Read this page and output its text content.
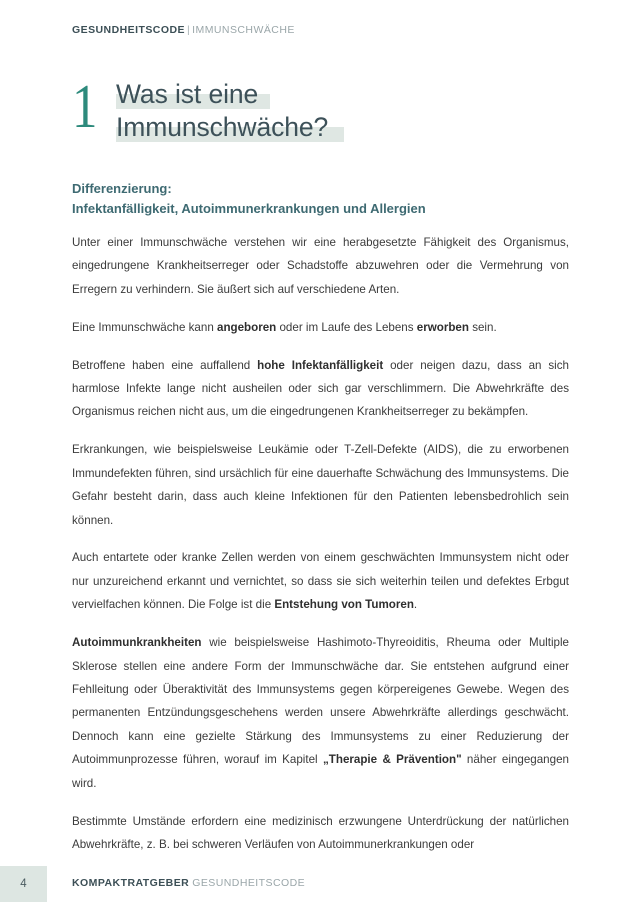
GESUNDHEITSCODE | IMMUNSCHWÄCHE
1 Was ist eine
Immunschwäche?
Differenzierung:
Infektanfälligkeit, Autoimmunerkrankungen und Allergien

Unter einer Immunschwäche verstehen wir eine herabgesetzte Fähigkeit des Organismus, eingedrungene Krankheitserreger oder Schadstoffe abzuwehren oder die Vermehrung von Erregern zu verhindern. Sie äußert sich auf verschiedene Arten.

Eine Immunschwäche kann angeboren oder im Laufe des Lebens erworben sein.

Betroffene haben eine auffallend hohe Infektanfälligkeit oder neigen dazu, dass an sich harmlose Infekte lange nicht ausheilen oder sich gar verschlimmern. Die Abwehrkräfte des Organismus reichen nicht aus, um die eingedrungenen Krankheitserreger zu bekämpfen.

Erkrankungen, wie beispielsweise Leukämie oder T-Zell-Defekte (AIDS), die zu erworbenen Immundefekten führen, sind ursächlich für eine dauerhafte Schwächung des Immunsystems. Die Gefahr besteht darin, dass auch kleine Infektionen für den Patienten lebensbedrohlich sein können.

Auch entartete oder kranke Zellen werden von einem geschwächten Immunsystem nicht oder nur unzureichend erkannt und vernichtet, so dass sie sich weiterhin teilen und defektes Erbgut vervielfachen können. Die Folge ist die Entstehung von Tumoren.

Autoimmunkrankheiten wie beispielsweise Hashimoto-Thyreoiditis, Rheuma oder Multiple Sklerose stellen eine andere Form der Immunschwäche dar. Sie entstehen aufgrund einer Fehlleitung oder Überaktivität des Immunsystems gegen körpereigenes Gewebe. Wegen des permanenten Entzündungsgeschehens werden unsere Abwehrkräfte allerdings geschwächt. Dennoch kann eine gezielte Stärkung des Immunsystems zu einer Reduzierung der Autoimmunprozesse führen, worauf im Kapitel „Therapie & Prävention" näher eingegangen wird.

Bestimmte Umstände erfordern eine medizinisch erzwungene Unterdrückung der natürlichen Abwehrkräfte, z. B. bei schweren Verläufen von Autoimmunerkrankungen oder

4	KOMPAKTRATGEBER GESUNDHEITSCODE
